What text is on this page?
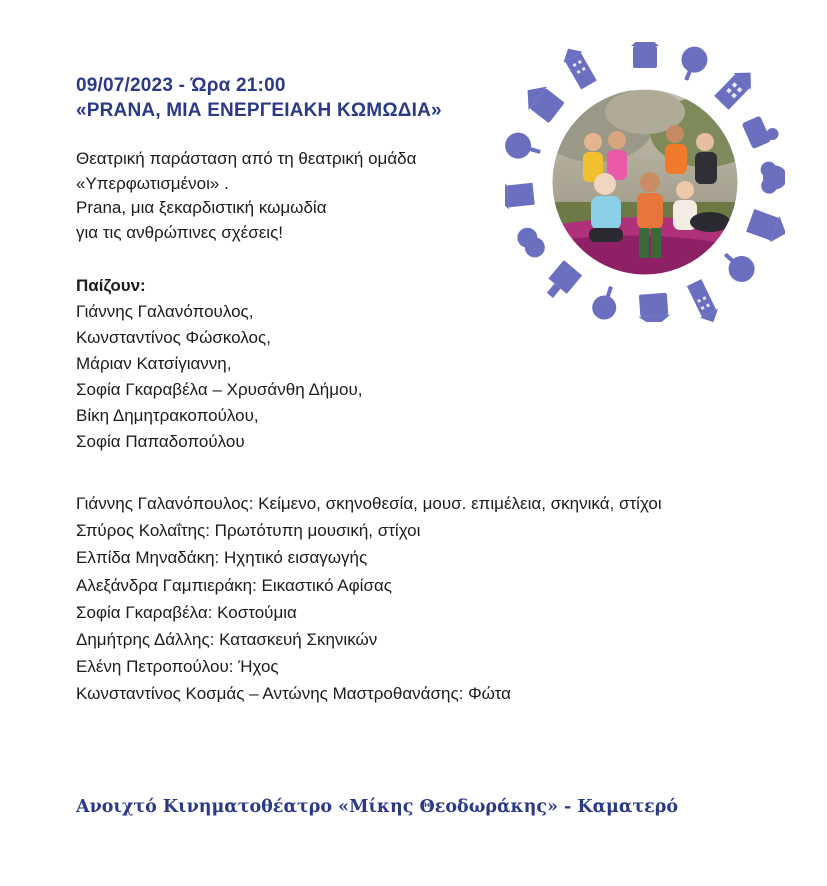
09/07/2023 - Ώρα 21:00
«PRANA, ΜΙΑ ΕΝΕΡΓΕΙΑΚΗ ΚΩΜΩΔΙΑ»
Θεατρική παράσταση από τη θεατρική ομάδα
«Υπερφωτισμένοι» .
Prana, μια ξεκαρδιστική κωμωδία
για τις ανθρώπινες σχέσεις!
Παίζουν:
Γιάννης Γαλανόπουλος,
Κωνσταντίνος Φώσκολος,
Μάριαν Κατσίγιαννη,
Σοφία Γκαραβέλα – Χρυσάνθη Δήμου,
Βίκη Δημητρακοπούλου,
Σοφία Παπαδοπούλου
Γιάννης Γαλανόπουλος: Κείμενο, σκηνοθεσία, μουσ. επιμέλεια, σκηνικά, στίχοι
Σπύρος Κολαΐτης: Πρωτότυπη μουσική, στίχοι
Ελπίδα Μηναδάκη: Ηχητικό εισαγωγής
Αλεξάνδρα Γαμπιεράκη: Εικαστικό Αφίσας
Σοφία Γκαραβέλα: Κοστούμια
Δημήτρης Δάλλης: Κατασκευή Σκηνικών
Ελένη Πετροπούλου: Ήχος
Κωνσταντίνος Κοσμάς – Αντώνης Μαστροθανάσης: Φώτα
Ανοιχτό Κινηματοθέατρο «Μίκης Θεοδωράκης» - Καματερό
